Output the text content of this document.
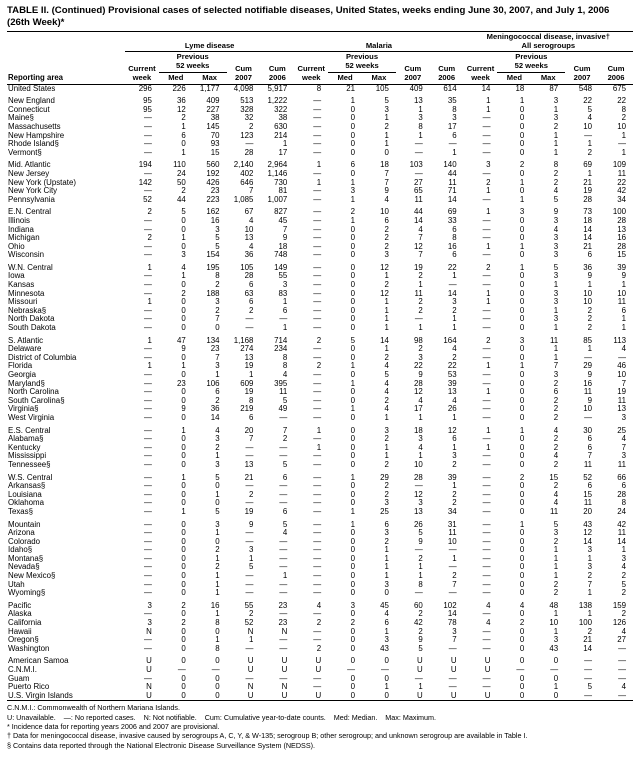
TABLE II. (Continued) Provisional cases of selected notifiable diseases, United States, weeks ending June 30, 2007, and July 1, 2006 (26th Week)*
Reporting area	Lyme disease					Malaria					Meningococcal disease, invasive†
All serogroups				
	Current
week	Previous
52 weeks		Cum
2007	Cum
2006	Current
week	Previous
52 weeks		Cum
2007	Cum
2006	Current
week	Previous
52 weeks		Cum
2007	Cum
2006
		Med	Max				Med	Max				Med	Max		
United States	296	226	1,177	4,098	5,917	8	21	105	409	614	14	18	87	548	675
New England	95	36	409	513	1,222	—	1	5	13	35	1	1	3	22	22
Connecticut	95	12	227	328	322	—	0	3	1	8	1	0	1	5	8
Maine§	—	2	38	32	38	—	0	1	3	3	—	0	3	4	2
Massachusetts	—	1	145	2	630	—	0	2	8	17	—	0	2	10	10
New Hampshire	—	6	70	123	214	—	0	1	1	6	—	0	1	—	1
Rhode Island§	—	0	93	—	1	—	0	1	—	—	—	0	1	1	—
Vermont§	—	1	15	28	17	—	0	0	—	1	—	0	1	2	1
Mid. Atlantic	194	110	560	2,140	2,964	1	6	18	103	140	3	2	8	69	109
New Jersey	—	24	192	402	1,146	—	0	7	—	44	—	0	2	1	11
New York (Upstate)	142	50	426	646	730	1	1	7	27	11	2	1	2	21	22
New York City	—	2	23	7	81	—	3	9	65	71	1	0	4	19	42
Pennsylvania	52	44	223	1,085	1,007	—	1	4	11	14	—	1	5	28	34
E.N. Central	2	5	162	67	827	—	2	10	44	69	1	3	9	73	100
Illinois	—	0	16	4	45	—	1	6	14	33	—	0	3	18	28
Indiana	—	0	3	10	7	—	0	2	4	6	—	0	4	14	13
Michigan	2	1	5	13	9	—	0	2	7	8	—	0	3	14	16
Ohio	—	0	5	4	18	—	0	2	12	16	1	1	3	21	28
Wisconsin	—	3	154	36	748	—	0	3	7	6	—	0	3	6	15
W.N. Central	1	4	195	105	149	—	0	12	19	22	2	1	5	36	39
Iowa	—	1	8	28	55	—	0	1	2	1	—	0	3	9	9
Kansas	—	0	2	6	3	—	0	2	1	—	—	0	1	1	1
Minnesota	—	2	188	63	83	—	0	12	11	14	1	0	3	10	10
Missouri	1	0	3	6	1	—	0	1	2	3	1	0	3	10	11
Nebraska§	—	0	2	2	6	—	0	1	2	2	—	0	1	2	6
North Dakota	—	0	7	—	—	—	0	1	—	1	—	0	3	2	1
South Dakota	—	0	0	—	1	—	0	1	1	1	—	0	1	2	1
S. Atlantic	1	47	134	1,168	714	2	5	14	98	164	2	3	11	85	113
Delaware	—	9	23	274	234	—	0	1	2	4	—	0	1	1	4
District of Columbia	—	0	7	13	8	—	0	2	3	2	—	0	1	—	—
Florida	1	1	3	19	8	2	1	4	22	22	1	1	7	29	46
Georgia	—	0	1	1	4	—	0	5	9	53	—	0	3	9	10
Maryland§	—	23	106	609	395	—	1	4	28	39	—	0	2	16	7
North Carolina	—	0	6	19	11	—	0	4	12	13	1	0	6	11	19
South Carolina§	—	0	2	8	5	—	0	2	4	4	—	0	2	9	11
Virginia§	—	9	36	219	49	—	1	4	17	26	—	0	2	10	13
West Virginia	—	0	14	6	—	—	0	1	1	1	—	0	2	—	3
E.S. Central	—	1	4	20	7	1	0	3	18	12	1	1	4	30	25
Alabama§	—	0	3	7	2	—	0	2	3	6	—	0	2	6	4
Kentucky	—	0	2	—	—	1	0	1	4	1	1	0	2	6	7
Mississippi	—	0	1	—	—	—	0	1	1	3	—	0	4	7	3
Tennessee§	—	0	3	13	5	—	0	2	10	2	—	0	2	11	11
W.S. Central	—	1	5	21	6	—	1	29	28	39	—	2	15	52	66
Arkansas§	—	0	0	—	—	—	0	2	—	1	—	0	2	6	6
Louisiana	—	0	1	2	—	—	0	2	12	2	—	0	4	15	28
Oklahoma	—	0	0	—	—	—	0	3	3	2	—	0	4	11	8
Texas§	—	1	5	19	6	—	1	25	13	34	—	0	11	20	24
Mountain	—	0	3	9	5	—	1	6	26	31	—	1	5	43	42
Arizona	—	0	1	—	4	—	0	3	5	11	—	0	3	12	11
Colorado	—	0	0	—	—	—	0	2	9	10	—	0	2	14	14
Idaho§	—	0	2	3	—	—	0	1	—	—	—	0	1	3	1
Montana§	—	0	1	1	—	—	0	1	2	1	—	0	1	1	3
Nevada§	—	0	2	5	—	—	0	1	1	—	—	0	1	3	4
New Mexico§	—	0	1	—	1	—	0	1	1	2	—	0	1	2	2
Utah	—	0	1	—	—	—	0	3	8	7	—	0	2	7	5
Wyoming§	—	0	1	—	—	—	0	0	—	—	—	0	2	1	2
Pacific	3	2	16	55	23	4	3	45	60	102	4	4	48	138	159
Alaska	—	0	1	2	—	—	0	4	2	14	—	0	1	1	2
California	3	2	8	52	23	2	2	6	42	78	4	2	10	100	126
Hawaii	N	0	0	N	N	—	0	1	2	3	—	0	1	2	4
Oregon§	—	0	1	1	—	—	0	3	9	7	—	0	3	21	27
Washington	—	0	8	—	—	2	0	43	5	—	—	0	43	14	—
American Samoa	U	0	0	U	U	U	0	0	U	U	U	0	0	—	—
C.N.M.I.	U	—	—	U	U	U	—	—	U	U	U	—	—	—	—
Guam	—	0	0	—	—	—	0	0	—	—	—	0	0	—	—
Puerto Rico	N	0	0	N	N	—	0	1	1	—	—	0	1	5	4
U.S. Virgin Islands	U	0	0	U	U	U	0	0	U	U	U	0	0	—	—
C.N.M.I.: Commonwealth of Northern Mariana Islands.
U: Unavailable.    —: No reported cases.    N: Not notifiable.    Cum: Cumulative year-to-date counts.    Med: Median.    Max: Maximum.
* Incidence data for reporting years 2006 and 2007 are provisional.
† Data for meningococcal disease, invasive caused by serogroups A, C, Y, & W-135; serogroup B; other serogroup; and unknown serogroup are available in Table I.
§ Contains data reported through the National Electronic Disease Surveillance System (NEDSS).
